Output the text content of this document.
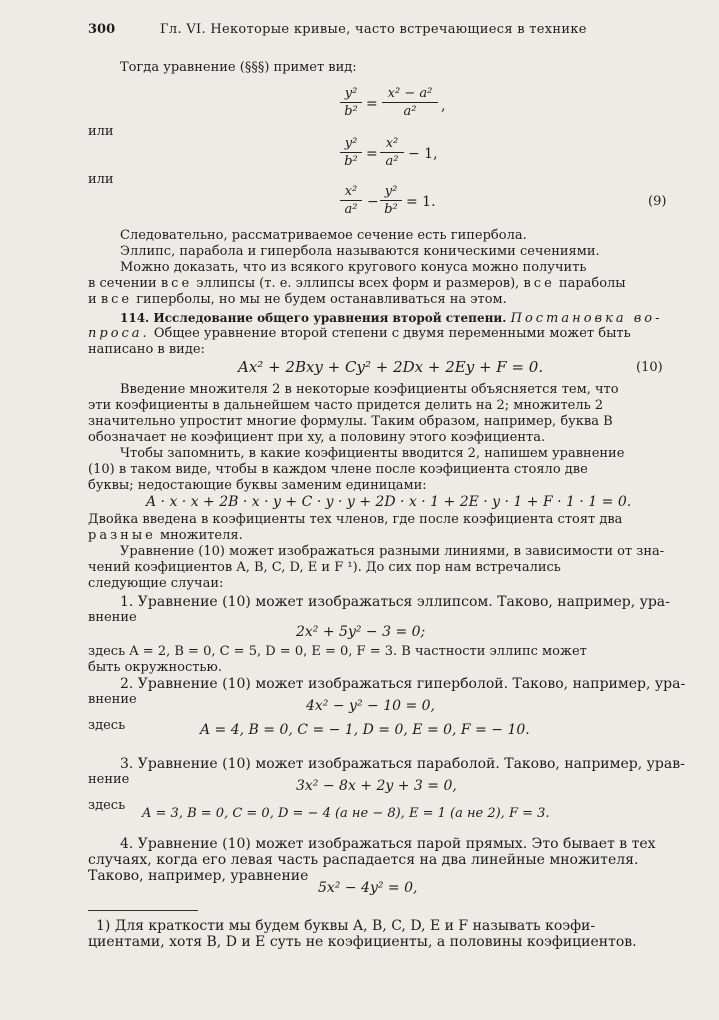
300	Гл. VI. Некоторые кривые, часто встречающиеся в технике
Тогда уравнение (§§§) примет вид:
y²
b² =
x² − a²
a²	,
или
y²
b² =
x²
a² − 1,
или
x²
a² −
y²
b² = 1.	(9)
Следовательно, рассматриваемое сечение есть гипербола.
Эллипс, парабола и гипербола называются коническими сечениями.
Можно доказать, что из всякого кругового конуса можно получить
в сечении все эллипсы (т. е. эллипсы всех форм и размеров), все параболы
и все гиперболы, но мы не будем останавливаться на этом.
114. Исследование общего уравнения второй степени. Постановка во-
проса. Общее уравнение второй степени с двумя переменными может быть
написано в виде:
Ax² + 2Bxy + Cy² + 2Dx + 2Ey + F = 0.	(10)
Введение множителя 2 в некоторые коэфициенты объясняется тем, что
эти коэфициенты в дальнейшем часто придется делить на 2; множитель 2
значительно упростит многие формулы. Таким образом, например, буква B
обозначает не коэфициент при xy, а половину этого коэфициента.
Чтобы запомнить, в какие коэфициенты вводится 2, напишем уравнение
(10) в таком виде, чтобы в каждом члене после коэфициента стояло две
буквы; недостающие буквы заменим единицами:
A · x · x + 2B · x · y + C · y · y + 2D · x · 1 + 2E · y · 1 + F · 1 · 1 = 0.
Двойка введена в коэфициенты тех членов, где после коэфициента стоят два
разные множителя.
Уравнение (10) может изображаться разными линиями, в зависимости от зна-
чений коэфициентов A, B, C, D, E и F ¹). До сих пор нам встречались
следующие случаи:
1. Уравнение (10) может изображаться эллипсом. Таково, например, ура-
внение
2x² + 5y² − 3 = 0;
здесь A = 2, B = 0, C = 5, D = 0, E = 0, F = 3. В частности эллипс может
быть окружностью.
2. Уравнение (10) может изображаться гиперболой. Таково, например, ура-
внение	4x² − y² − 10 = 0,
здесь	A = 4, B = 0, C = − 1, D = 0, E = 0, F = − 10.
3. Уравнение (10) может изображаться параболой. Таково, например, урав-
нение	3x² − 8x + 2y + 3 = 0,
здесь
A = 3, B = 0, C = 0, D = − 4 (а не − 8), E = 1 (а не 2), F = 3.
4. Уравнение (10) может изображаться парой прямых. Это бывает в тех
случаях, когда его левая часть распадается на два линейные множителя.
Таково, например, уравнение
5x² − 4y² = 0,
1) Для краткости мы будем буквы A, B, C, D, E и F называть коэфи-
циентами, хотя B, D и E суть не коэфициенты, а половины коэфициентов.
